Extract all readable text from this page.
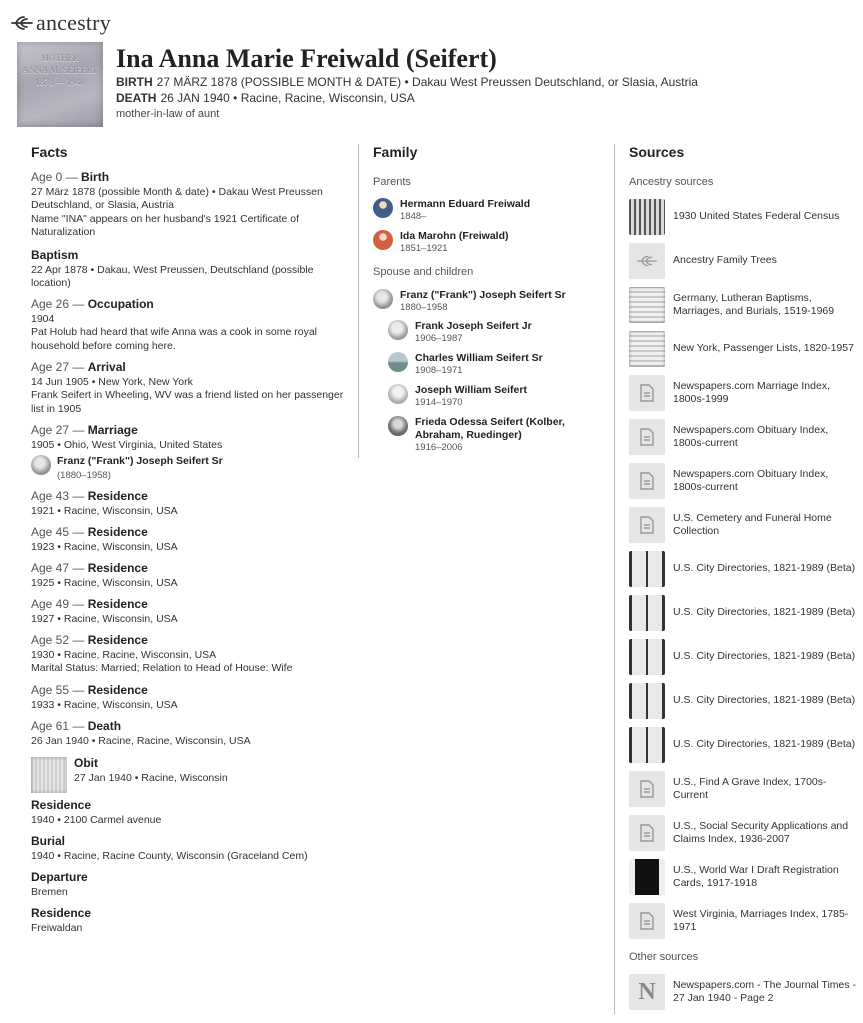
ancestry
MOTHER
ANNA M. SEIFERT
1878 — 1940
Ina Anna Marie Freiwald (Seifert)
BIRTH 27 MÄRZ 1878 (POSSIBLE MONTH & DATE) • Dakau West Preussen Deutschland, or Slasia, Austria
DEATH 26 JAN 1940 • Racine, Racine, Wisconsin, USA
mother-in-law of aunt
Facts
Age 0 — Birth
27 März 1878 (possible Month & date) • Dakau West Preussen Deutschland, or Slasia, Austria
Name "INA" appears on her husband's 1921 Certificate of Naturalization
Baptism
22 Apr 1878 • Dakau, West Preussen, Deutschland (possible location)
Age 26 — Occupation
1904
Pat Holub had heard that wife Anna was a cook in some royal household before coming here.
Age 27 — Arrival
14 Jun 1905 • New York, New York
Frank Seifert in Wheeling, WV was a friend listed on her passenger list in 1905
Age 27 — Marriage
1905 • Ohio, West Virginia, United States
Franz ("Frank") Joseph Seifert Sr
(1880–1958)
Age 43 — Residence
1921 • Racine, Wisconsin, USA
Age 45 — Residence
1923 • Racine, Wisconsin, USA
Age 47 — Residence
1925 • Racine, Wisconsin, USA
Age 49 — Residence
1927 • Racine, Wisconsin, USA
Age 52 — Residence
1930 • Racine, Racine, Wisconsin, USA
Marital Status: Married; Relation to Head of House: Wife
Age 55 — Residence
1933 • Racine, Wisconsin, USA
Age 61 — Death
26 Jan 1940 • Racine, Racine, Wisconsin, USA
Obit
27 Jan 1940 • Racine, Wisconsin
Residence
1940 • 2100 Carmel avenue
Burial
1940 • Racine, Racine County, Wisconsin (Graceland Cem)
Departure
Bremen
Residence
Freiwaldan
Family
Parents
Hermann Eduard Freiwald
1848–
Ida Marohn (Freiwald)
1851–1921
Spouse and children
Franz ("Frank") Joseph Seifert Sr
1880–1958
Frank Joseph Seifert Jr
1906–1987
Charles William Seifert Sr
1908–1971
Joseph William Seifert
1914–1970
Frieda Odessa Seifert (Kolber, Abraham, Ruedinger)
1916–2006
Sources
Ancestry sources
1930 United States Federal Census
Ancestry Family Trees
Germany, Lutheran Baptisms, Marriages, and Burials, 1519-1969
New York, Passenger Lists, 1820-1957
Newspapers.com Marriage Index, 1800s-1999
Newspapers.com Obituary Index, 1800s-current
Newspapers.com Obituary Index, 1800s-current
U.S. Cemetery and Funeral Home Collection
U.S. City Directories, 1821-1989 (Beta)
U.S. City Directories, 1821-1989 (Beta)
U.S. City Directories, 1821-1989 (Beta)
U.S. City Directories, 1821-1989 (Beta)
U.S. City Directories, 1821-1989 (Beta)
U.S., Find A Grave Index, 1700s-Current
U.S., Social Security Applications and Claims Index, 1936-2007
U.S., World War I Draft Registration Cards, 1917-1918
West Virginia, Marriages Index, 1785-1971
Other sources
N	Newspapers.com - The Journal Times - 27 Jan 1940 - Page 2
